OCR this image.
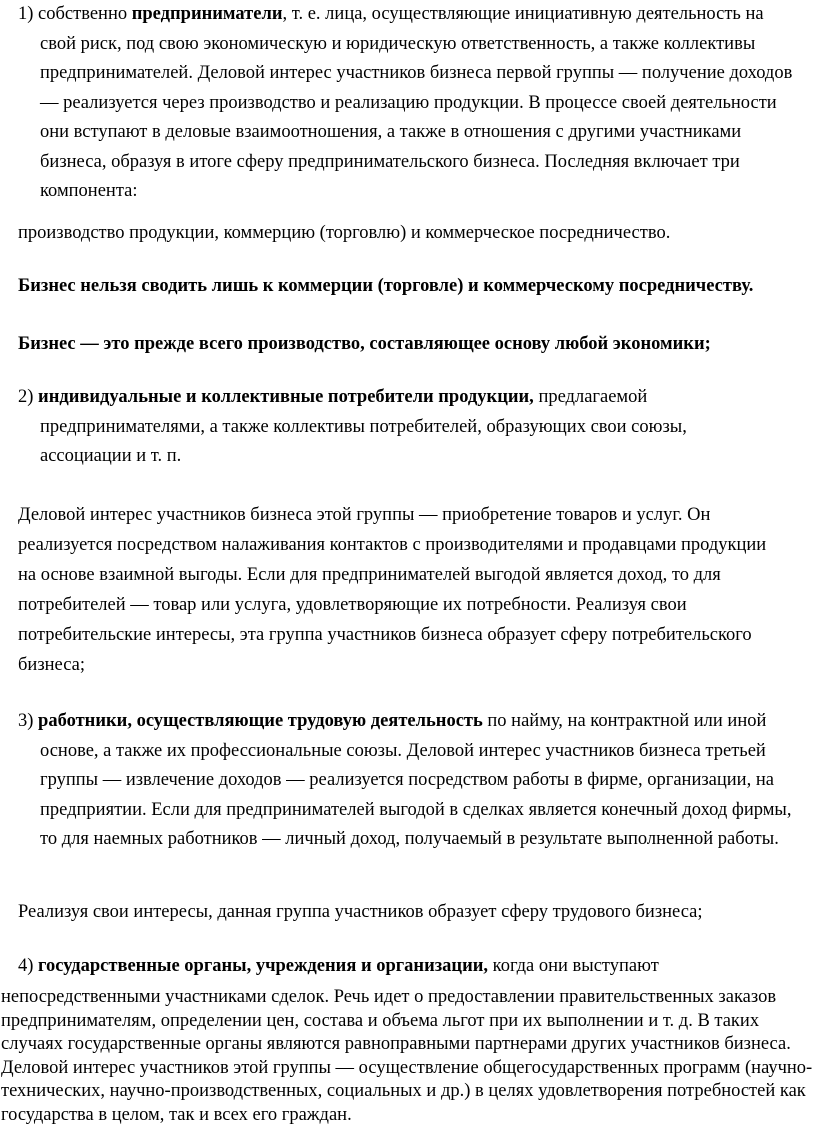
1) собственно предприниматели, т. е. лица, осуществляющие инициативную деятельность на свой риск, под свою экономическую и юридическую ответственность, а также коллективы предпринимателей. Деловой интерес участников бизнеса первой группы — получение доходов — реализуется через производство и реализацию продукции. В процессе своей деятельности они вступают в деловые взаимоотношения, а также в отношения с другими участниками бизнеса, образуя в итоге сферу предпринимательского бизнеса. Последняя включает три компонента:

производство продукции, коммерцию (торговлю) и коммерческое посредничество.

Бизнес нельзя сводить лишь к коммерции (торговле) и коммерческому посредничеству.

Бизнес — это прежде всего производство, составляющее основу любой экономики;

2) индивидуальные и коллективные потребители продукции, предлагаемой предпринимателями, а также коллективы потребителей, образующих свои союзы, ассоциации и т. п.

Деловой интерес участников бизнеса этой группы — приобретение товаров и услуг. Он реализуется посредством налаживания контактов с производителями и продавцами продукции на основе взаимной выгоды. Если для предпринимателей выгодой является доход, то для потребителей — товар или услуга, удовлетворяющие их потребности. Реализуя свои потребительские интересы, эта группа участников бизнеса образует сферу потребительского бизнеса;

3) работники, осуществляющие трудовую деятельность по найму, на контрактной или иной основе, а также их профессиональные союзы. Деловой интерес участников бизнеса третьей группы — извлечение доходов — реализуется посредством работы в фирме, организации, на предприятии. Если для предпринимателей выгодой в сделках является конечный доход фирмы, то для наемных работников — личный доход, получаемый в результате выполненной работы.

Реализуя свои интересы, данная группа участников образует сферу трудового бизнеса;

4) государственные органы, учреждения и организации, когда они выступают

непосредственными участниками сделок. Речь идет о предоставлении правительственных заказов предпринимателям, определении цен, состава и объема льгот при их выполнении и т. д. В таких случаях государственные органы являются равноправными партнерами других участников бизнеса. Деловой интерес участников этой группы — осуществление общегосударственных программ (научно-технических, научно-производственных, социальных и др.) в целях удовлетворения потребностей как государства в целом, так и всех его граждан.
